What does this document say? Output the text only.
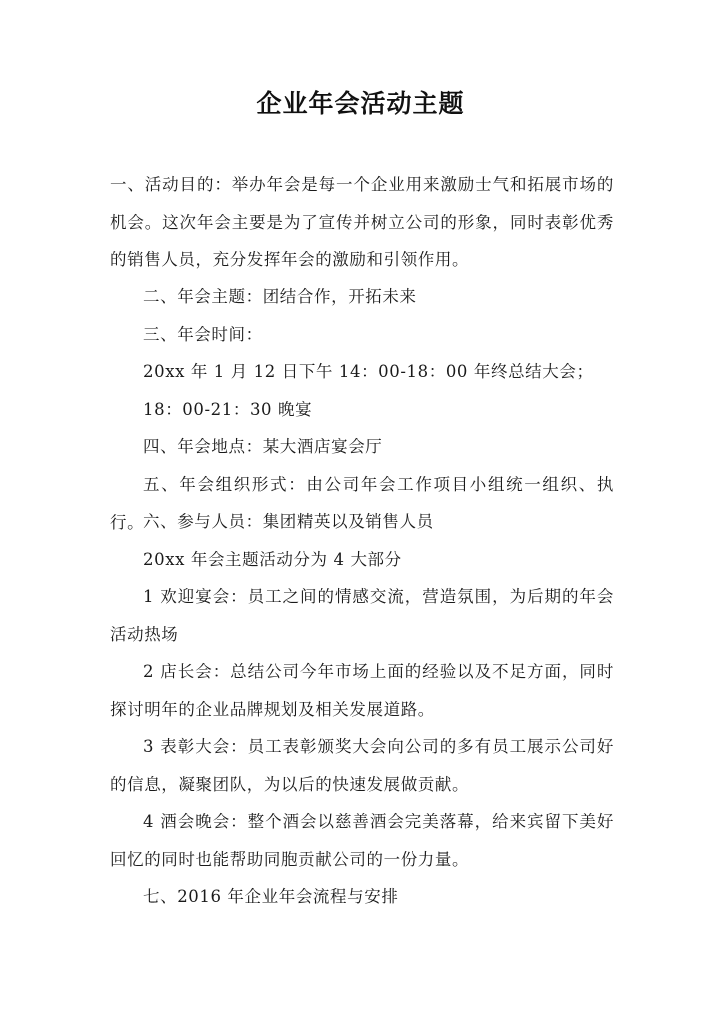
企业年会活动主题
一、活动目的：举办年会是每一个企业用来激励士气和拓展市场的机会。这次年会主要是为了宣传并树立公司的形象，同时表彰优秀的销售人员，充分发挥年会的激励和引领作用。
二、年会主题：团结合作，开拓未来
三、年会时间：
20xx 年 1 月 12 日下午 14：00-18：00 年终总结大会；
18：00-21：30 晚宴
四、年会地点：某大酒店宴会厅
五、年会组织形式：由公司年会工作项目小组统一组织、执行。
六、参与人员：集团精英以及销售人员
20xx 年会主题活动分为 4 大部分
1 欢迎宴会：员工之间的情感交流，营造氛围，为后期的年会活动热场
2 店长会：总结公司今年市场上面的经验以及不足方面，同时探讨明年的企业品牌规划及相关发展道路。
3 表彰大会：员工表彰颁奖大会向公司的多有员工展示公司好的信息，凝聚团队，为以后的快速发展做贡献。
4 酒会晚会：整个酒会以慈善酒会完美落幕，给来宾留下美好回忆的同时也能帮助同胞贡献公司的一份力量。
七、2016 年企业年会流程与安排
